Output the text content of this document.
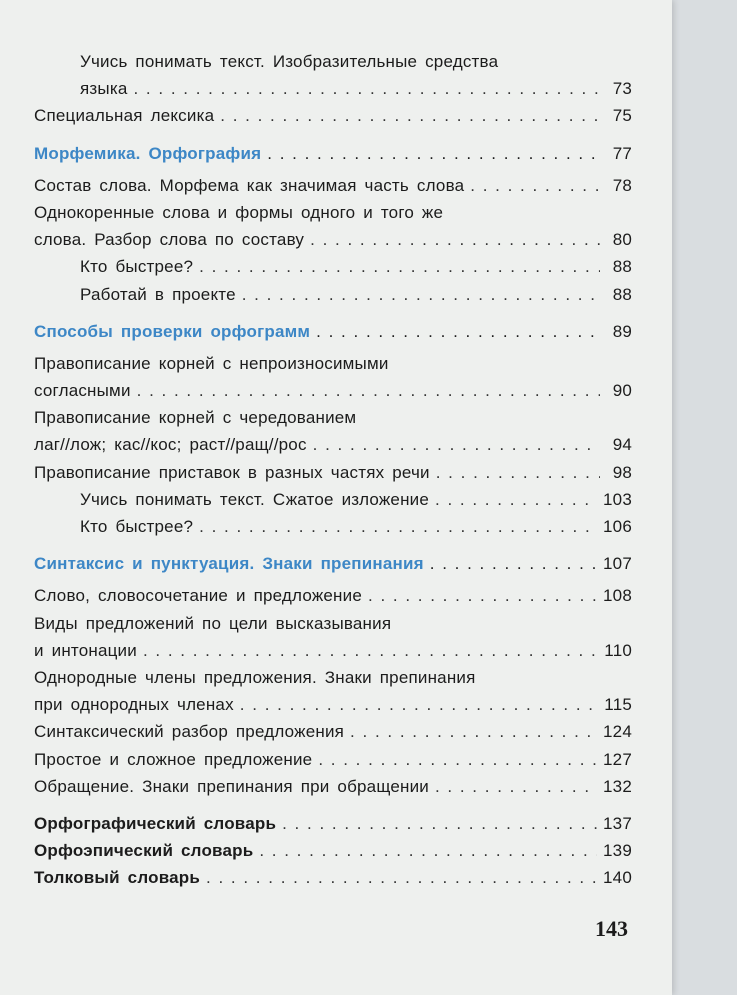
Учись понимать текст. Изобразительные средства
языка . . .	73
Специальная лексика . . .	75
Морфемика. Орфография . . .	77
Состав слова. Морфема как значимая часть слова . . .	78
Однокоренные слова и формы одного и того же
слова. Разбор слова по составу . . .	80
Кто быстрее? . . .	88
Работай в проекте . . .	88
Способы проверки орфограмм . . .	89
Правописание корней с непроизносимыми
согласными . . .	90
Правописание корней с чередованием
лаг//лож; кас//кос; раст//ращ//рос . . .	94
Правописание приставок в разных частях речи . . .	98
Учись понимать текст. Сжатое изложение . . .	103
Кто быстрее? . . .	106
Синтаксис и пунктуация. Знаки препинания . . .	107
Слово, словосочетание и предложение . . .	108
Виды предложений по цели высказывания
и интонации . . .	110
Однородные члены предложения. Знаки препинания
при однородных членах . . .	115
Синтаксический разбор предложения . . .	124
Простое и сложное предложение . . .	127
Обращение. Знаки препинания при обращении . . .	132
Орфографический словарь . . .	137
Орфоэпический словарь . . .	139
Толковый словарь . . .	140
143
